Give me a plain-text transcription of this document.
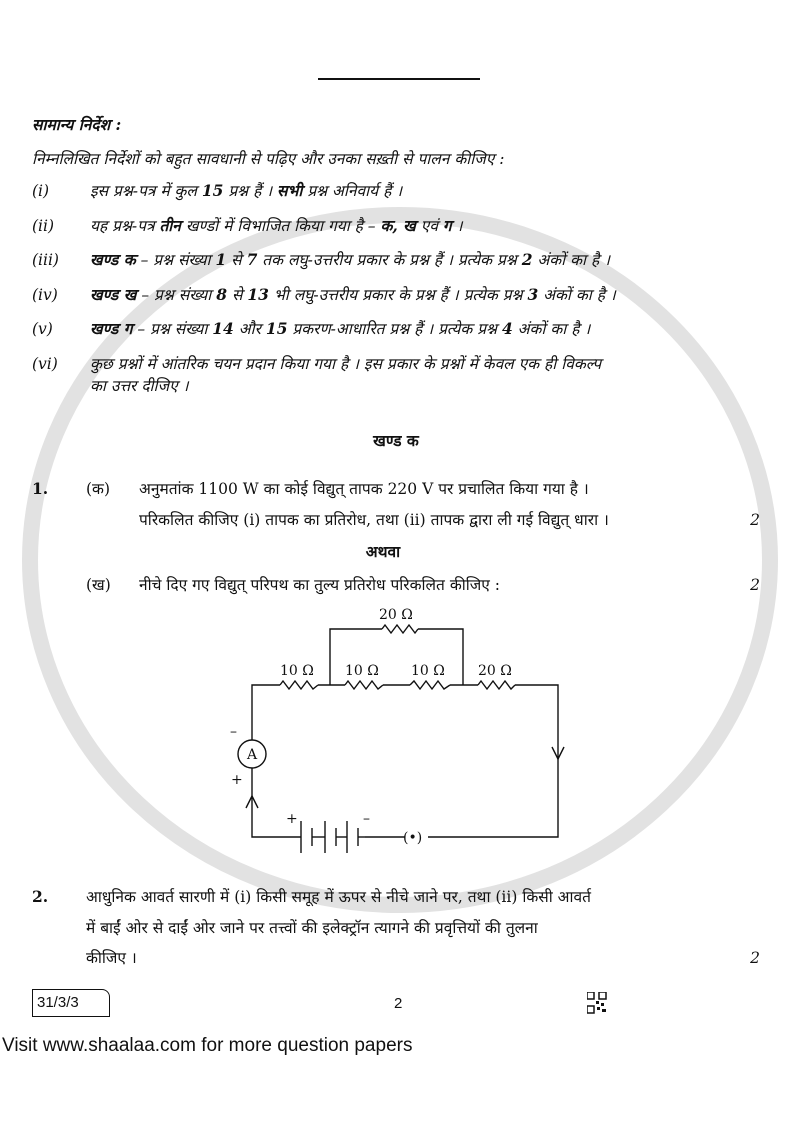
सामान्य निर्देश :
निम्नलिखित निर्देशों को बहुत सावधानी से पढ़िए और उनका सख़्ती से पालन कीजिए :
(i)	इस प्रश्न-पत्र में कुल 15 प्रश्न हैं । सभी प्रश्न अनिवार्य हैं ।
(ii)	यह प्रश्न-पत्र तीन खण्डों में विभाजित किया गया है – क, ख एवं ग ।
(iii)	खण्ड क – प्रश्न संख्या 1 से 7 तक लघु-उत्तरीय प्रकार के प्रश्न हैं । प्रत्येक प्रश्न 2 अंकों का है ।
(iv)	खण्ड ख – प्रश्न संख्या 8 से 13 भी लघु-उत्तरीय प्रकार के प्रश्न हैं । प्रत्येक प्रश्न 3 अंकों का है ।
(v)	खण्ड ग – प्रश्न संख्या 14 और 15 प्रकरण-आधारित प्रश्न हैं । प्रत्येक प्रश्न 4 अंकों का है ।
(vi)	कुछ प्रश्नों में आंतरिक चयन प्रदान किया गया है । इस प्रकार के प्रश्नों में केवल एक ही विकल्प
का उत्तर दीजिए ।
खण्ड क
1.	(क)	अनुमतांक 1100 W का कोई विद्युत् तापक 220 V पर प्रचालित किया गया है ।
परिकलित कीजिए (i) तापक का प्रतिरोध, तथा (ii) तापक द्वारा ली गई विद्युत् धारा ।	2
अथवा
(ख)	नीचे दिए गए विद्युत् परिपथ का तुल्य प्रतिरोध परिकलित कीजिए :	2
20 Ω
10 Ω 10 Ω 10 Ω 20 Ω
A
–
+
+	–
(•)
2.	आधुनिक आवर्त सारणी में (i) किसी समूह में ऊपर से नीचे जाने पर, तथा (ii) किसी आवर्त
में बाईं ओर से दाईं ओर जाने पर तत्त्वों की इलेक्ट्रॉन त्यागने की प्रवृत्तियों की तुलना
कीजिए ।	2
31/3/3	2
Visit www.shaalaa.com for more question papers
